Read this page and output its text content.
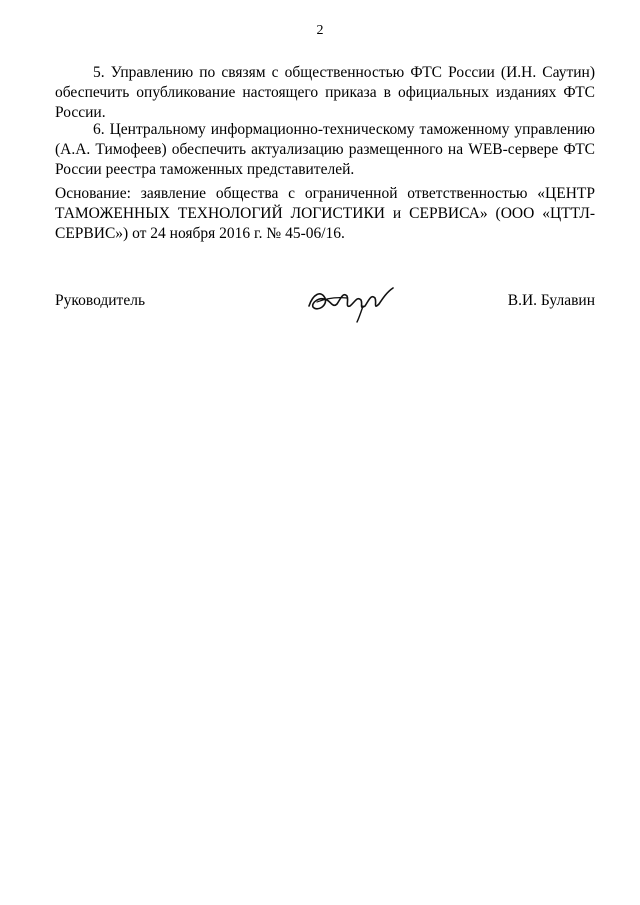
2
5. Управлению по связям с общественностью ФТС России (И.Н. Саутин) обеспечить опубликование настоящего приказа в официальных изданиях ФТС России.
6. Центральному информационно-техническому таможенному управлению (А.А. Тимофеев) обеспечить актуализацию размещенного на WEB-сервере ФТС России реестра таможенных представителей.
Основание: заявление общества с ограниченной ответственностью «ЦЕНТР ТАМОЖЕННЫХ ТЕХНОЛОГИЙ ЛОГИСТИКИ и СЕРВИСА» (ООО «ЦТТЛ-СЕРВИС») от 24 ноября 2016 г. № 45-06/16.
Руководитель	В.И. Булавин
